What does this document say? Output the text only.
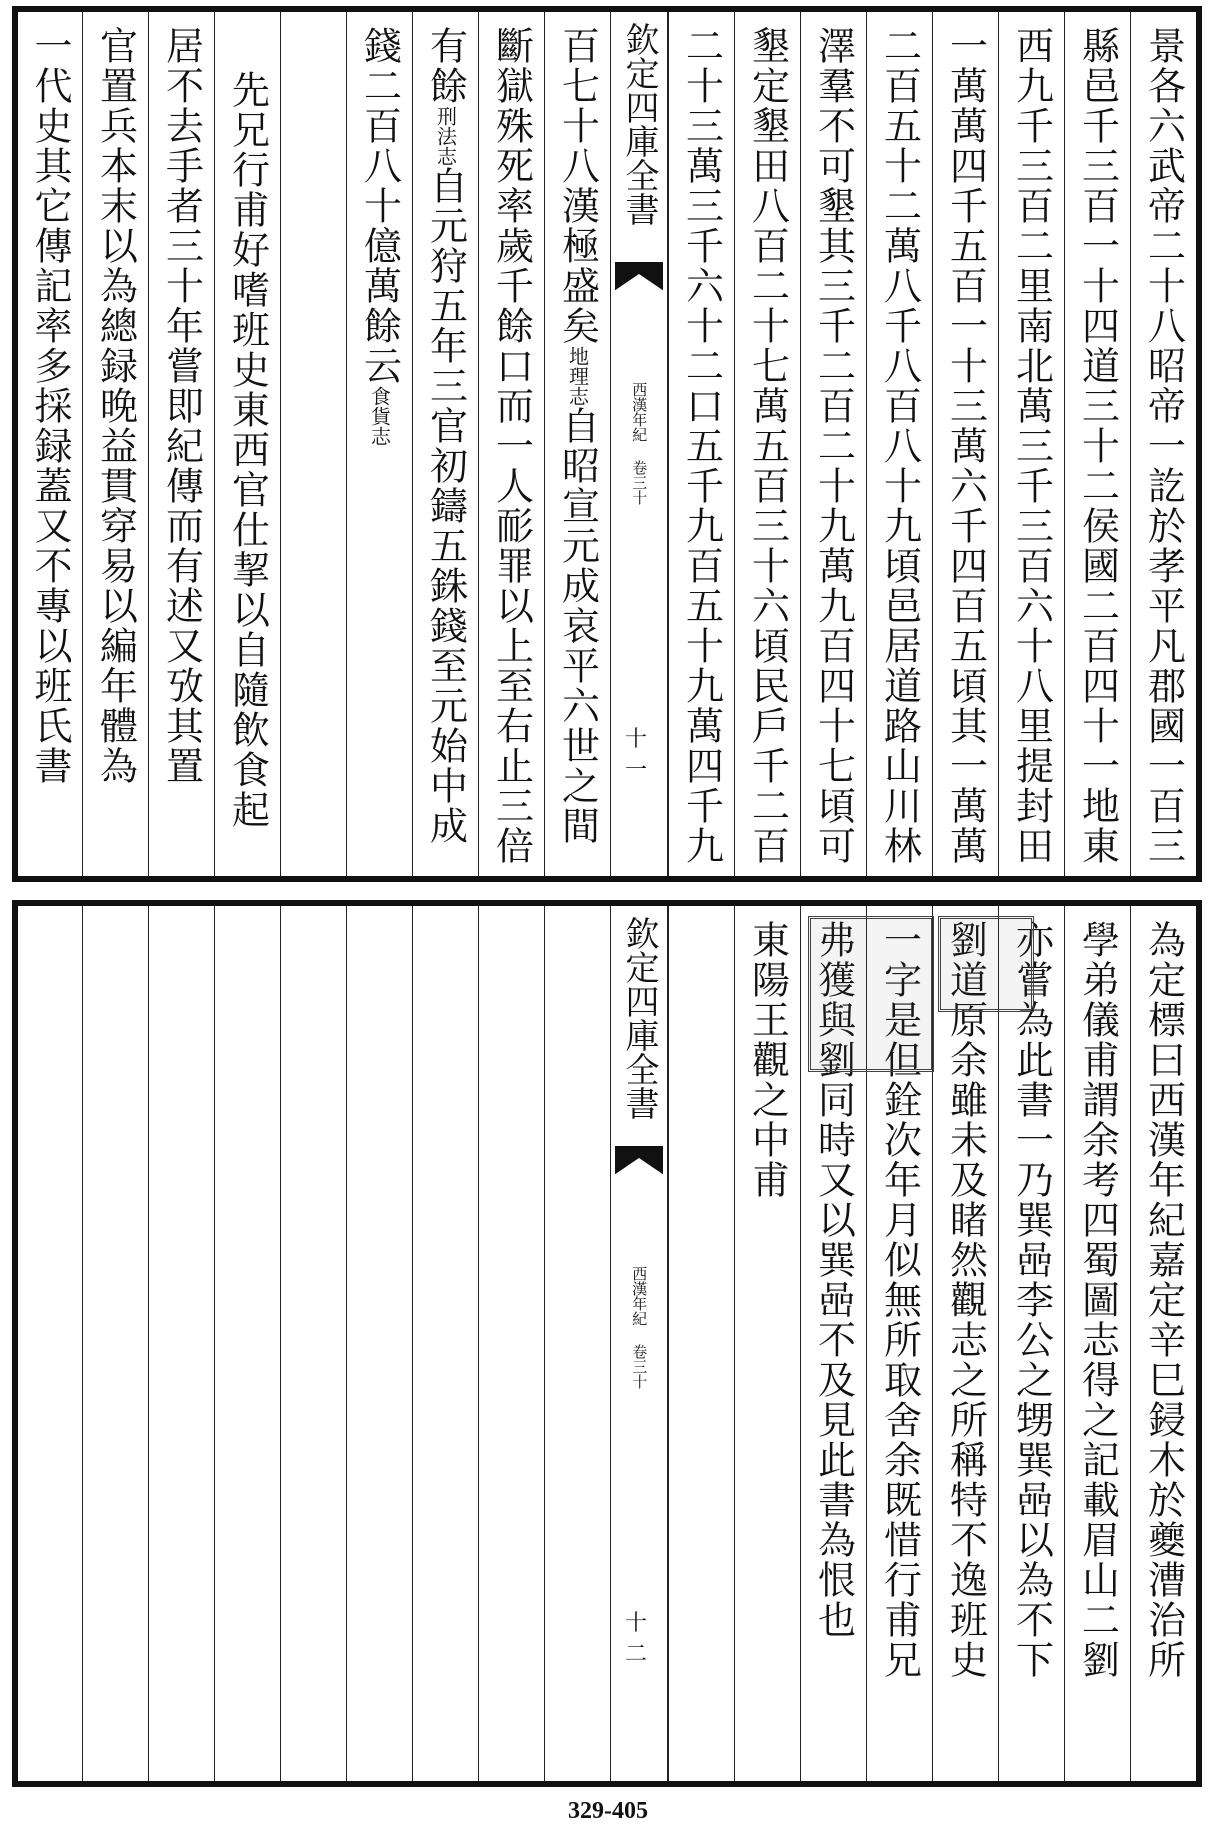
景各六武帝二十八昭帝一訖於孝平凡郡國一百三
縣邑千三百一十四道三十二侯國二百四十一地東
西九千三百二里南北萬三千三百六十八里提封田
一萬萬四千五百一十三萬六千四百五頃其一萬萬
二百五十二萬八千八百八十九頃邑居道路山川林
澤羣不可墾其三千二百二十九萬九百四十七頃可
墾定墾田八百二十七萬五百三十六頃民戶千二百
二十三萬三千六十二口五千九百五十九萬四千九
欽定四庫全書
西漢年紀 卷三十
十一
百七十八漢極盛矣地理志自昭宣元成哀平六世之間
斷獄殊死率歲千餘口而一人耏罪以上至右止三倍
有餘刑法志自元狩五年三官初鑄五銖錢至元始中成
錢二百八十億萬餘云食貨志
先兄行甫好嗜班史東西官仕挈以自隨飲食起
居不去手者三十年嘗即紀傳而有述又攷其置
官置兵本末以為總録晚益貫穿易以編年體為
一代史其它傳記率多採録蓋又不專以班氏書
為定標曰西漢年紀嘉定辛巳鋟木於夔漕治所
學弟儀甫謂余考四蜀圖志得之記載眉山二劉
亦嘗為此書一乃巽喦李公之甥巽喦以為不下
劉道原余雖未及睹然觀志之所稱特不逸班史
一字是但銓次年月似無所取舍余既惜行甫兄
弗獲與劉同時又以巽喦不及見此書為恨也
東陽王觀之中甫
欽定四庫全書
西漢年紀 卷三十
十二
329-405
